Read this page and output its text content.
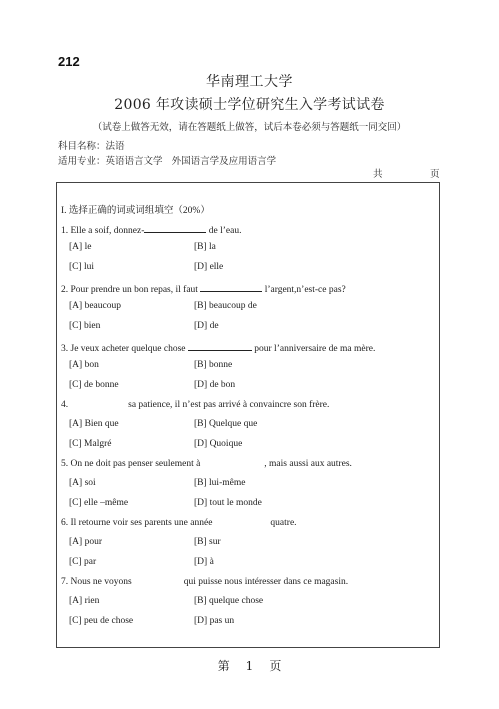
212
华南理工大学
2006 年攻读硕士学位研究生入学考试试卷
（试卷上做答无效，请在答题纸上做答，试后本卷必须与答题纸一同交回）
科目名称：法语
适用专业：英语语言文学   外国语言学及应用语言学
共	页
I. 选择正确的词或词组填空（20%）
1. Elle a soif, donnez-	de l’eau.
[A] le	[B] la
[C] lui	[D] elle
2. Pour prendre un bon repas, il faut	l’argent,n’est-ce pas?
[A] beaucoup	[B] beaucoup de
[C] bien	[D] de
3. Je veux acheter quelque chose	pour l’anniversaire de ma mère.
[A] bon	[B] bonne
[C] de bonne	[D] de bon
4.	sa patience, il n’est pas arrivé à convaincre son frère.
[A] Bien que	[B] Quelque que
[C] Malgré	[D] Quoique
5. On ne doit pas penser seulement à	, mais aussi aux autres.
[A] soi	[B] lui-même
[C] elle –même	[D] tout le monde
6. Il retourne voir ses parents une année	quatre.
[A] pour	[B] sur
[C] par	[D] à
7. Nous ne voyons	qui puisse nous intéresser dans ce magasin.
[A] rien	[B] quelque chose
[C] peu de chose	[D] pas un
第 1 页
